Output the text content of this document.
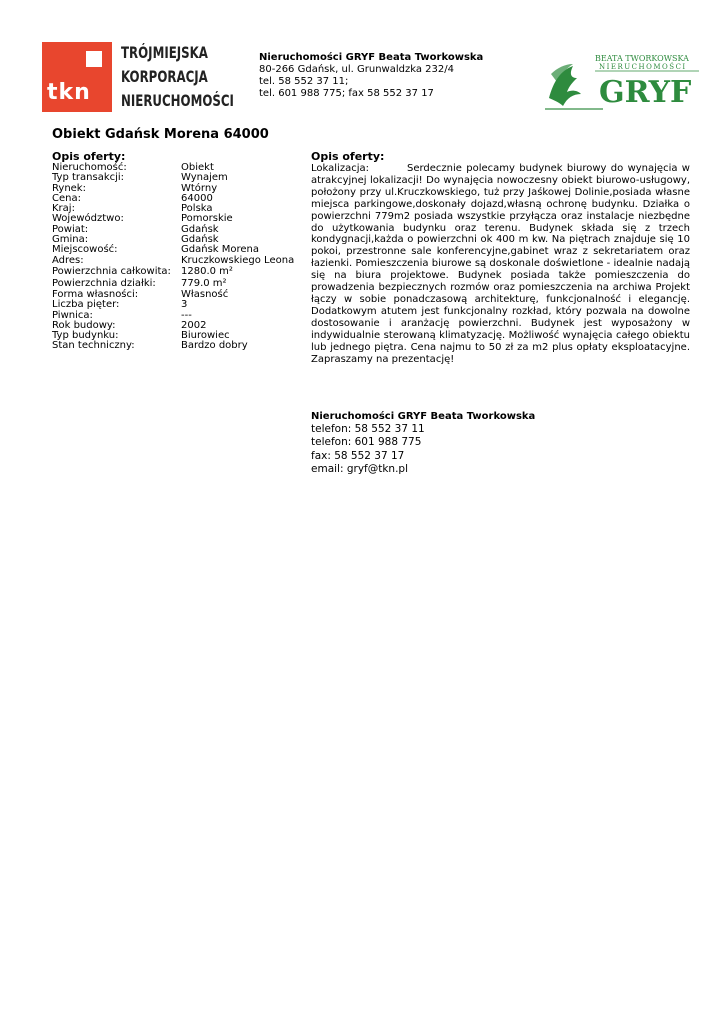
tkn
TRÓJMIEJSKA
KORPORACJA
NIERUCHOMOŚCI
Nieruchomości GRYF Beata Tworkowska
80-266 Gdańsk, ul. Grunwaldzka 232/4
tel. 58 552 37 11;
tel. 601 988 775; fax 58 552 37 17
BEATA TWORKOWSKA
NIERUCHOMOŚCI
GRYF
Obiekt Gdańsk Morena 64000
Opis oferty:
Nieruchomość:	Obiekt
Typ transakcji:	Wynajem
Rynek:	Wtórny
Cena:	64000
Kraj:	Polska
Województwo:	Pomorskie
Powiat:	Gdańsk
Gmina:	Gdańsk
Miejscowość:	Gdańsk Morena
Adres:	Kruczkowskiego Leona
Powierzchnia całkowita:	1280.0 m²
Powierzchnia działki:	779.0 m²
Forma własności:	Własność
Liczba pięter:	3
Piwnica:	---
Rok budowy:	2002
Typ budynku:	Biurowiec
Stan techniczny:	Bardzo dobry
Opis oferty:

Lokalizacja:	Serdecznie polecamy budynek biurowy do wynajęcia w atrakcyjnej lokalizacji! Do wynajęcia nowoczesny obiekt biurowo-usługowy, położony przy ul.Kruczkowskiego, tuż przy Jaśkowej Dolinie,posiada własne miejsca parkingowe,doskonały dojazd,własną ochronę budynku. Działka o powierzchni 779m2 posiada wszystkie przyłącza oraz instalacje niezbędne do użytkowania budynku oraz terenu. Budynek składa się z trzech kondygnacji,każda o powierzchni ok 400 m kw. Na piętrach znajduje się 10 pokoi, przestronne sale konferencyjne,gabinet wraz z sekretariatem oraz łazienki. Pomieszczenia biurowe są doskonale doświetlone - idealnie nadają się na biura projektowe. Budynek posiada także pomieszczenia do prowadzenia bezpiecznych rozmów oraz pomieszczenia na archiwa Projekt łączy w sobie ponadczasową architekturę, funkcjonalność i elegancję. Dodatkowym atutem jest funkcjonalny rozkład, który pozwala na dowolne dostosowanie i aranżację powierzchni. Budynek jest wyposażony w indywidualnie sterowaną klimatyzację. Możliwość wynajęcia całego obiektu lub jednego piętra. Cena najmu to 50 zł za m2 plus opłaty eksploatacyjne. Zapraszamy na prezentację!

Nieruchomości GRYF Beata Tworkowska
telefon: 58 552 37 11
telefon: 601 988 775
fax: 58 552 37 17
email: gryf@tkn.pl
